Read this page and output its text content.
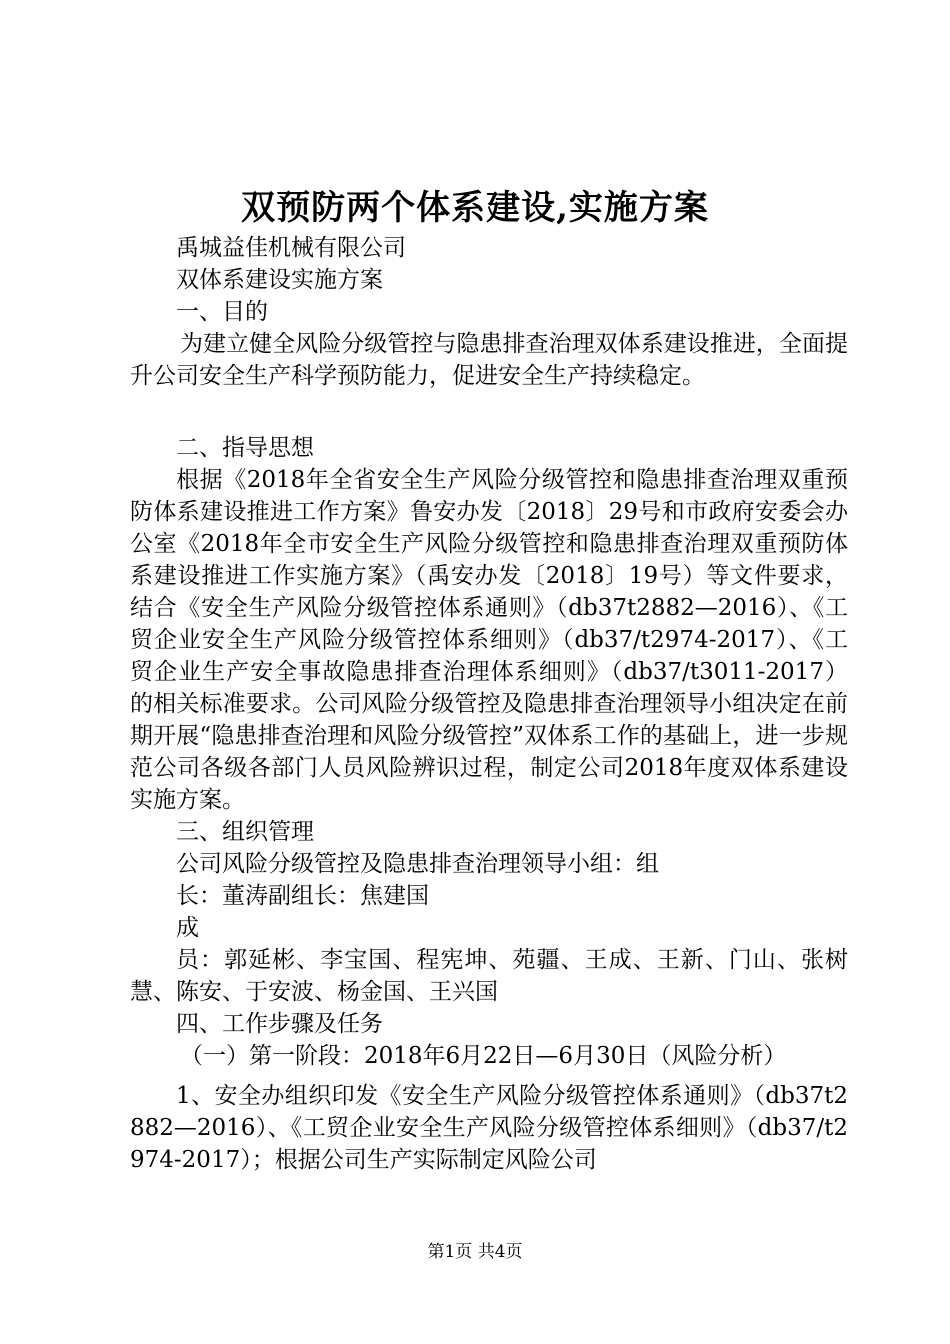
双预防两个体系建设,实施方案

禹城益佳机械有限公司

双体系建设实施方案

一、目的

为建立健全风险分级管控与隐患排查治理双体系建设推进，全面提升公司安全生产科学预防能力，促进安全生产持续稳定。

二、指导思想

根据《2018年全省安全生产风险分级管控和隐患排查治理双重预防体系建设推进工作方案》鲁安办发〔2018〕29号和市政府安委会办公室《2018年全市安全生产风险分级管控和隐患排查治理双重预防体系建设推进工作实施方案》（禹安办发〔2018〕19号）等文件要求，结合《安全生产风险分级管控体系通则》（db37t2882—2016）、《工贸企业安全生产风险分级管控体系细则》（db37/t2974-2017）、《工贸企业生产安全事故隐患排查治理体系细则》（db37/t3011-2017）的相关标准要求。公司风险分级管控及隐患排查治理领导小组决定在前期开展“隐患排查治理和风险分级管控”双体系工作的基础上，进一步规范公司各级各部门人员风险辨识过程，制定公司2018年度双体系建设实施方案。

三、组织管理

公司风险分级管控及隐患排查治理领导小组：组

长：董涛副组长：焦建国

成

员：郭延彬、李宝国、程宪坤、苑疆、王成、王新、门山、张树慧、陈安、于安波、杨金国、王兴国

四、工作步骤及任务

（一）第一阶段：2018年6月22日—6月30日（风险分析）

1、安全办组织印发《安全生产风险分级管控体系通则》（db37t2882—2016）、《工贸企业安全生产风险分级管控体系细则》（db37/t2974-2017）；根据公司生产实际制定风险公司

第1页 共4页
